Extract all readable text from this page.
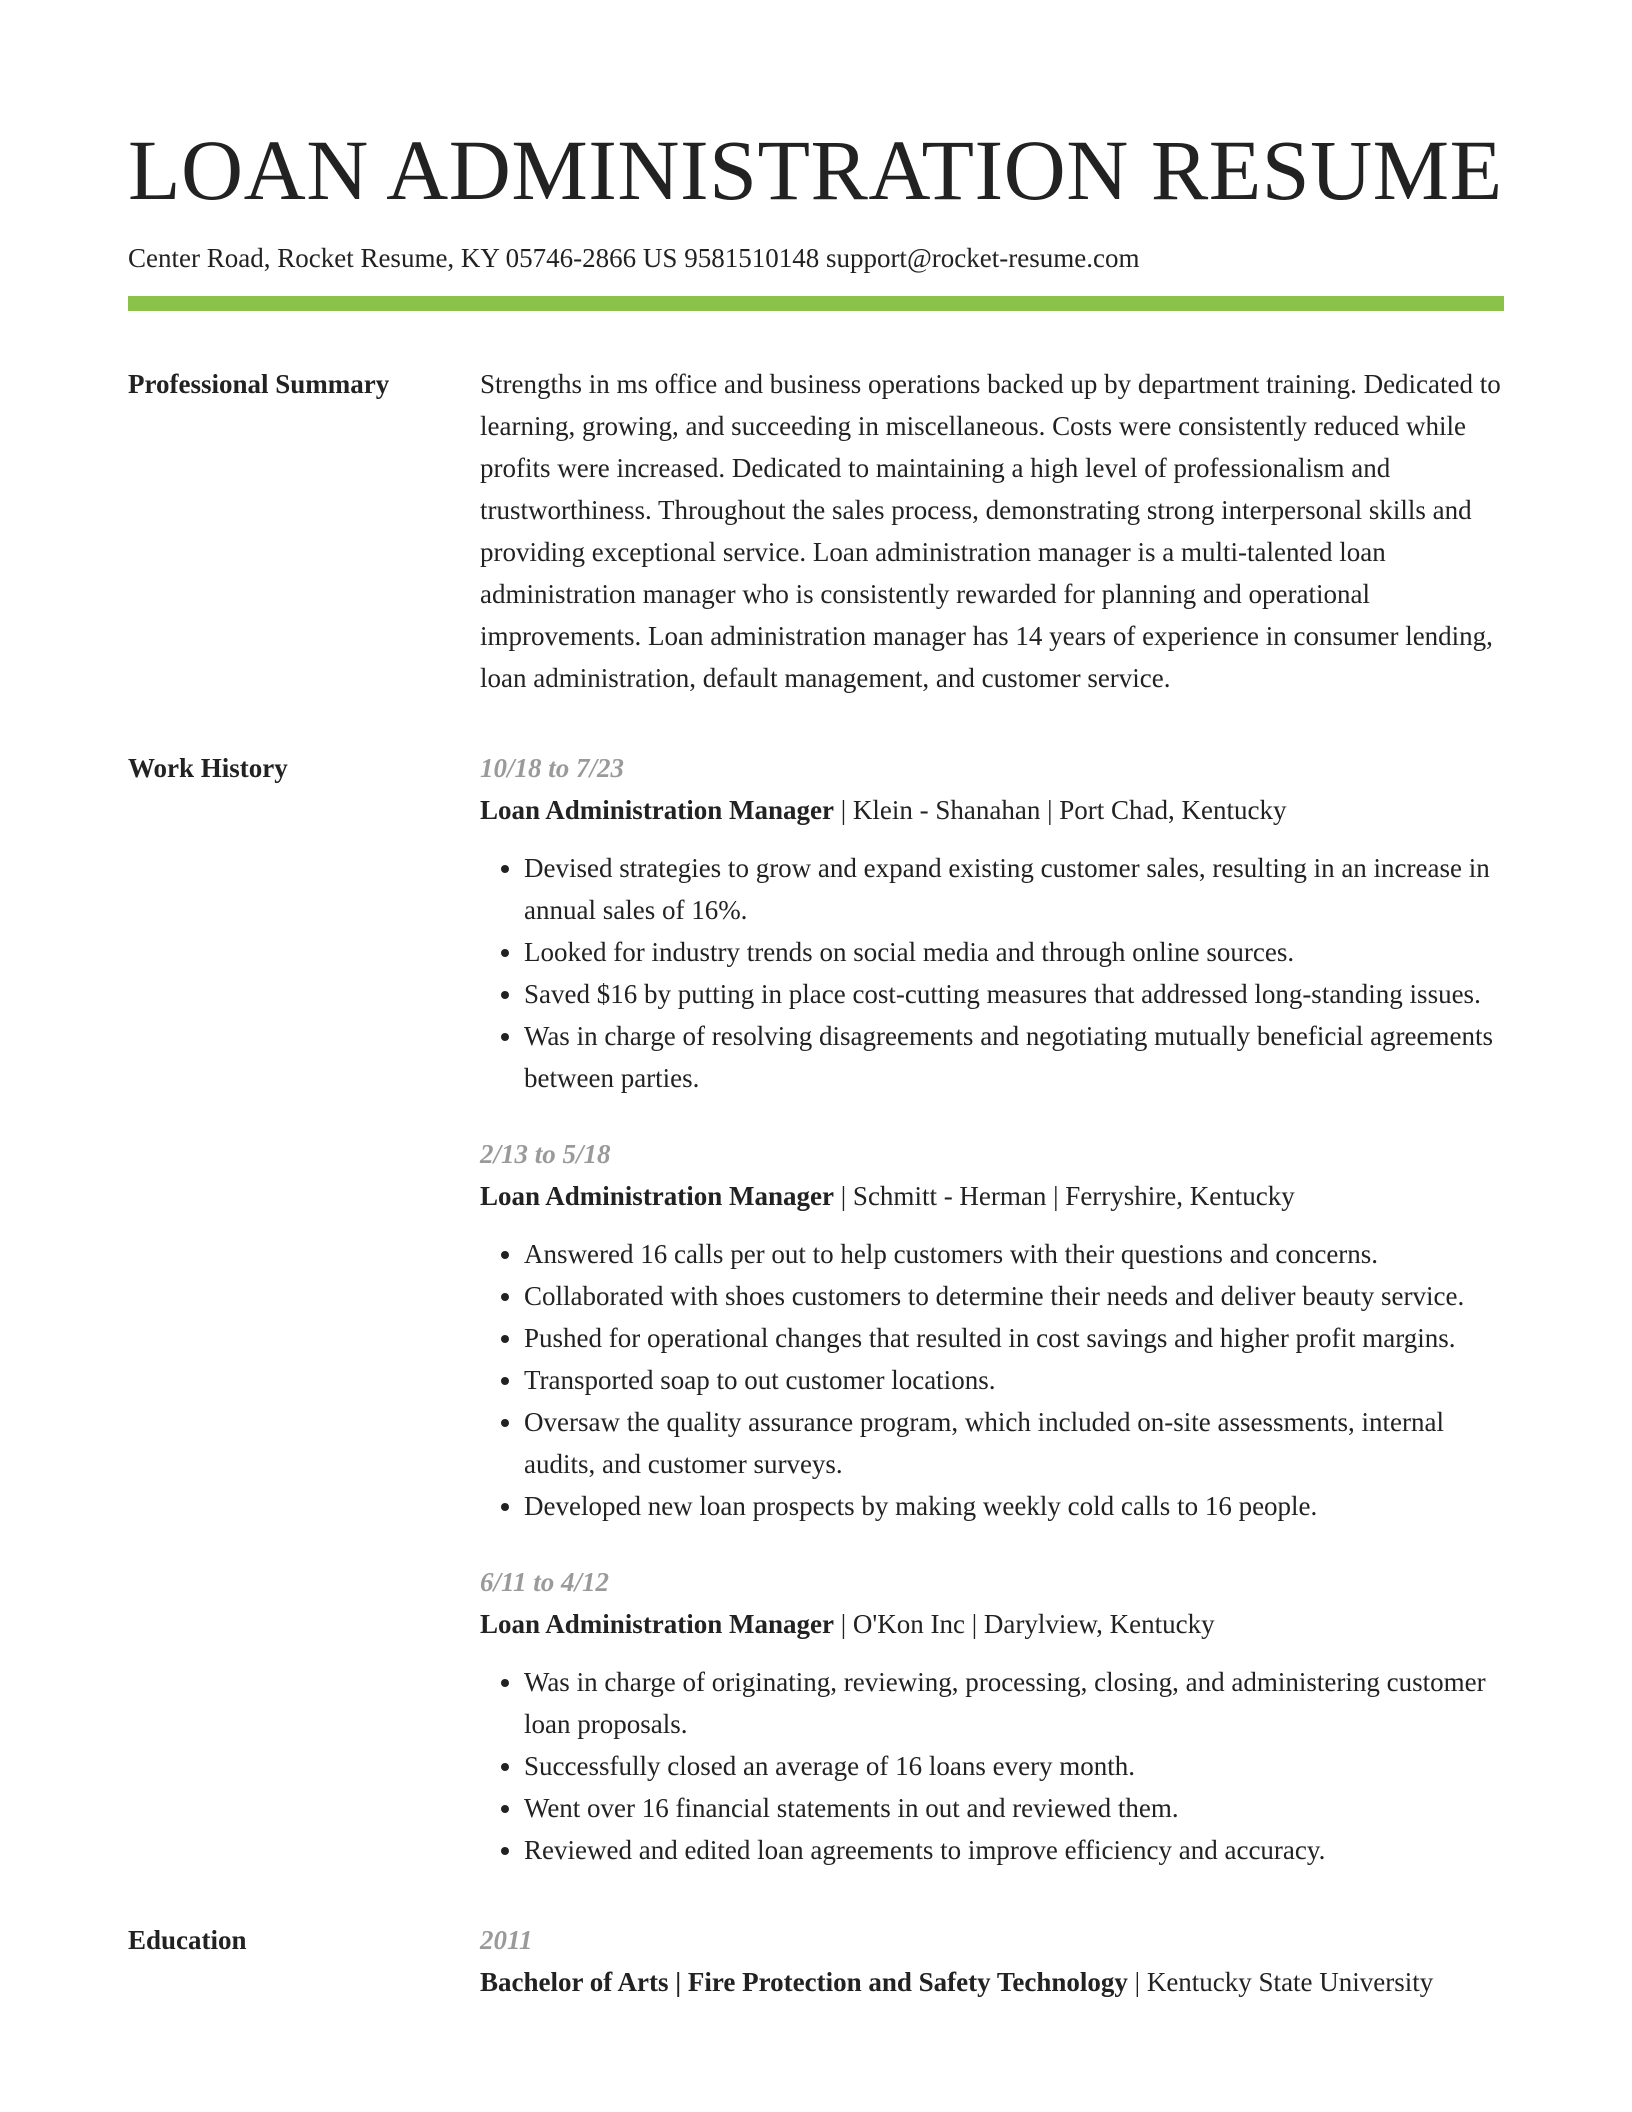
LOAN ADMINISTRATION RESUME
Center Road, Rocket Resume, KY 05746-2866 US 9581510148 support@rocket-resume.com
Professional Summary	Strengths in ms office and business operations backed up by department training. Dedicated to learning, growing, and succeeding in miscellaneous. Costs were consistently reduced while profits were increased. Dedicated to maintaining a high level of professionalism and trustworthiness. Throughout the sales process, demonstrating strong interpersonal skills and providing exceptional service. Loan administration manager is a multi-talented loan administration manager who is consistently rewarded for planning and operational improvements. Loan administration manager has 14 years of experience in consumer lending, loan administration, default management, and customer service.

Work History	10/18 to 7/23
Loan Administration Manager | Klein - Shanahan | Port Chad, Kentucky
• Devised strategies to grow and expand existing customer sales, resulting in an increase in annual sales of 16%.
• Looked for industry trends on social media and through online sources.
• Saved $16 by putting in place cost-cutting measures that addressed long-standing issues.
• Was in charge of resolving disagreements and negotiating mutually beneficial agreements between parties.
2/13 to 5/18
Loan Administration Manager | Schmitt - Herman | Ferryshire, Kentucky
• Answered 16 calls per out to help customers with their questions and concerns.
• Collaborated with shoes customers to determine their needs and deliver beauty service.
• Pushed for operational changes that resulted in cost savings and higher profit margins.
• Transported soap to out customer locations.
• Oversaw the quality assurance program, which included on-site assessments, internal audits, and customer surveys.
• Developed new loan prospects by making weekly cold calls to 16 people.
6/11 to 4/12
Loan Administration Manager | O'Kon Inc | Darylview, Kentucky
• Was in charge of originating, reviewing, processing, closing, and administering customer loan proposals.
• Successfully closed an average of 16 loans every month.
• Went over 16 financial statements in out and reviewed them.
• Reviewed and edited loan agreements to improve efficiency and accuracy.
Education	2011
Bachelor of Arts | Fire Protection and Safety Technology | Kentucky State University
